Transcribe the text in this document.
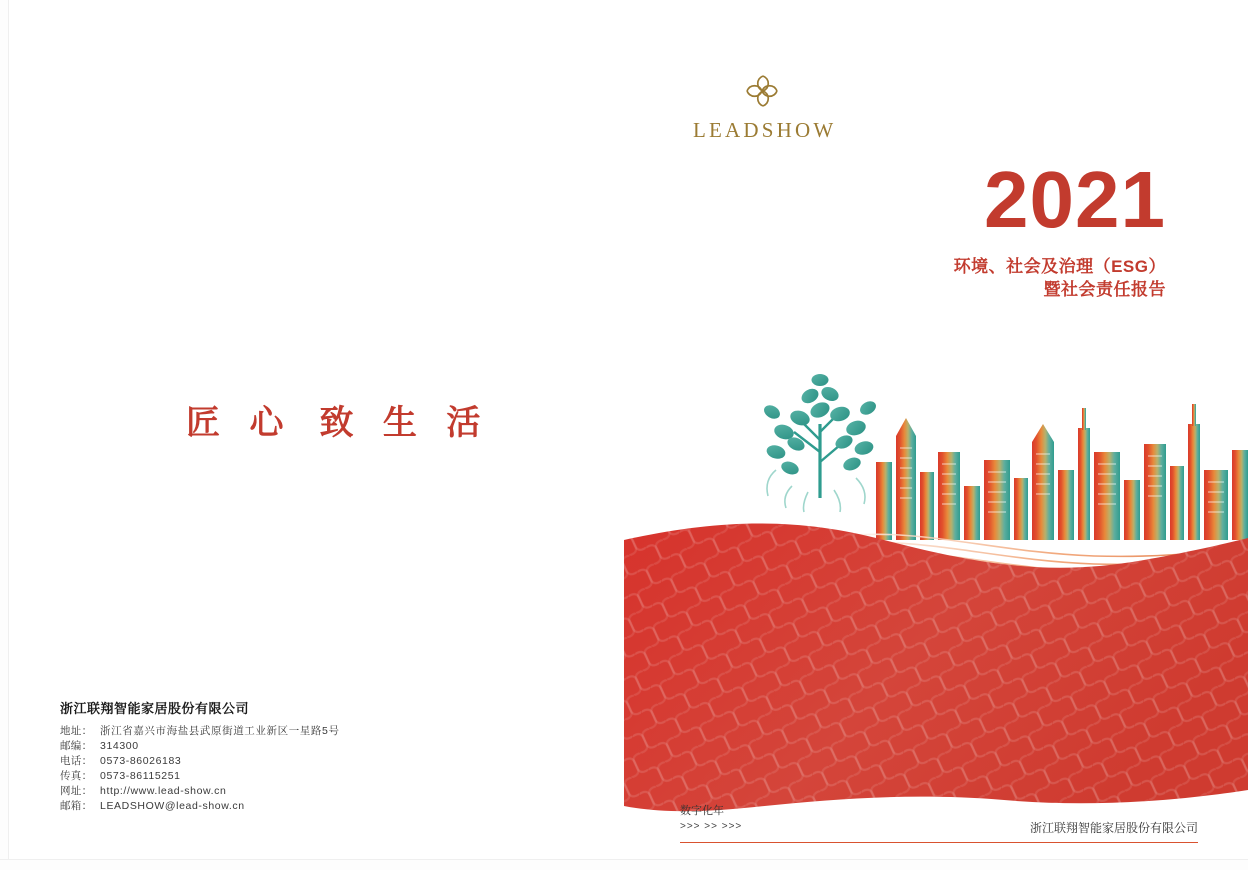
LEADSHOW
2021
环境、社会及治理（ESG）
暨社会责任报告
匠 心 致 生 活
浙江联翔智能家居股份有限公司
地址： 浙江省嘉兴市海盐县武原街道工业新区一星路5号
邮编： 314300
电话： 0573-86026183
传真： 0573-86115251
网址： http://www.lead-show.cn
邮箱： LEADSHOW@lead-show.cn	数字化年
>>> >> >>>	浙江联翔智能家居股份有限公司
